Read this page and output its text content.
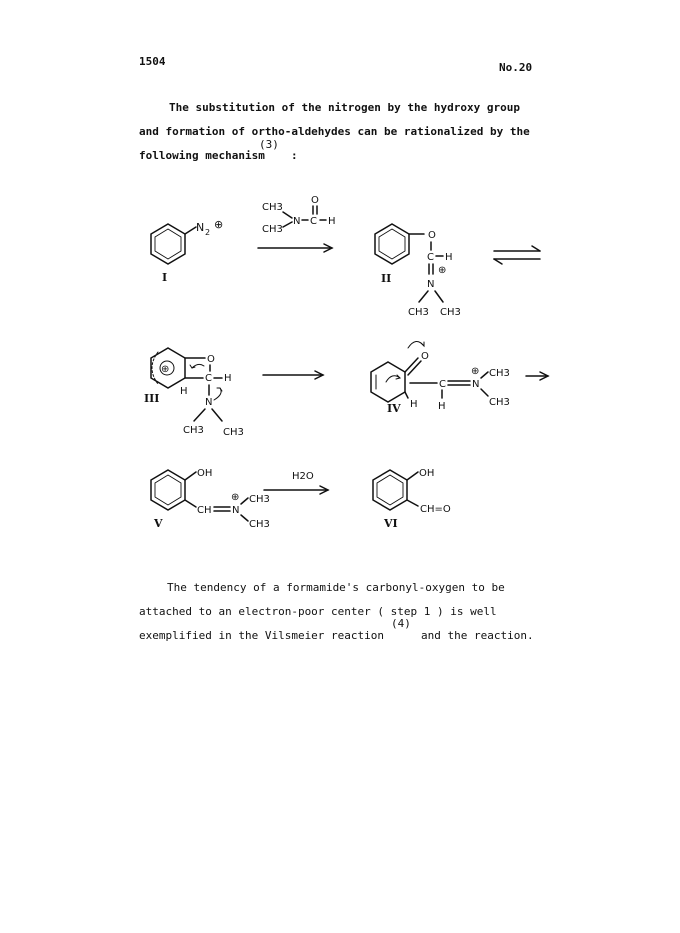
1504	No.20
The substitution of the nitrogen by the hydroxy group
and formation of ortho-aldehydes can be rationalized by the
following mechanism
(3)
:
N 2
⊕
I
CH3
CH3
N C
O
H
O
C H
⊕
N
CH3 CH3
II
⊕
O
C H
H
N
CH3 CH3
III
O
H
C	N
⊕ CH3
CH3
H
IV
OH
CH N
⊕ CH3
CH3
V
H2O	OH
CH=O
VI
The tendency of a formamide's carbonyl-oxygen to be
attached to an electron-poor center ( step 1 ) is well
exemplified in the Vilsmeier reaction
(4)
and the reaction.
